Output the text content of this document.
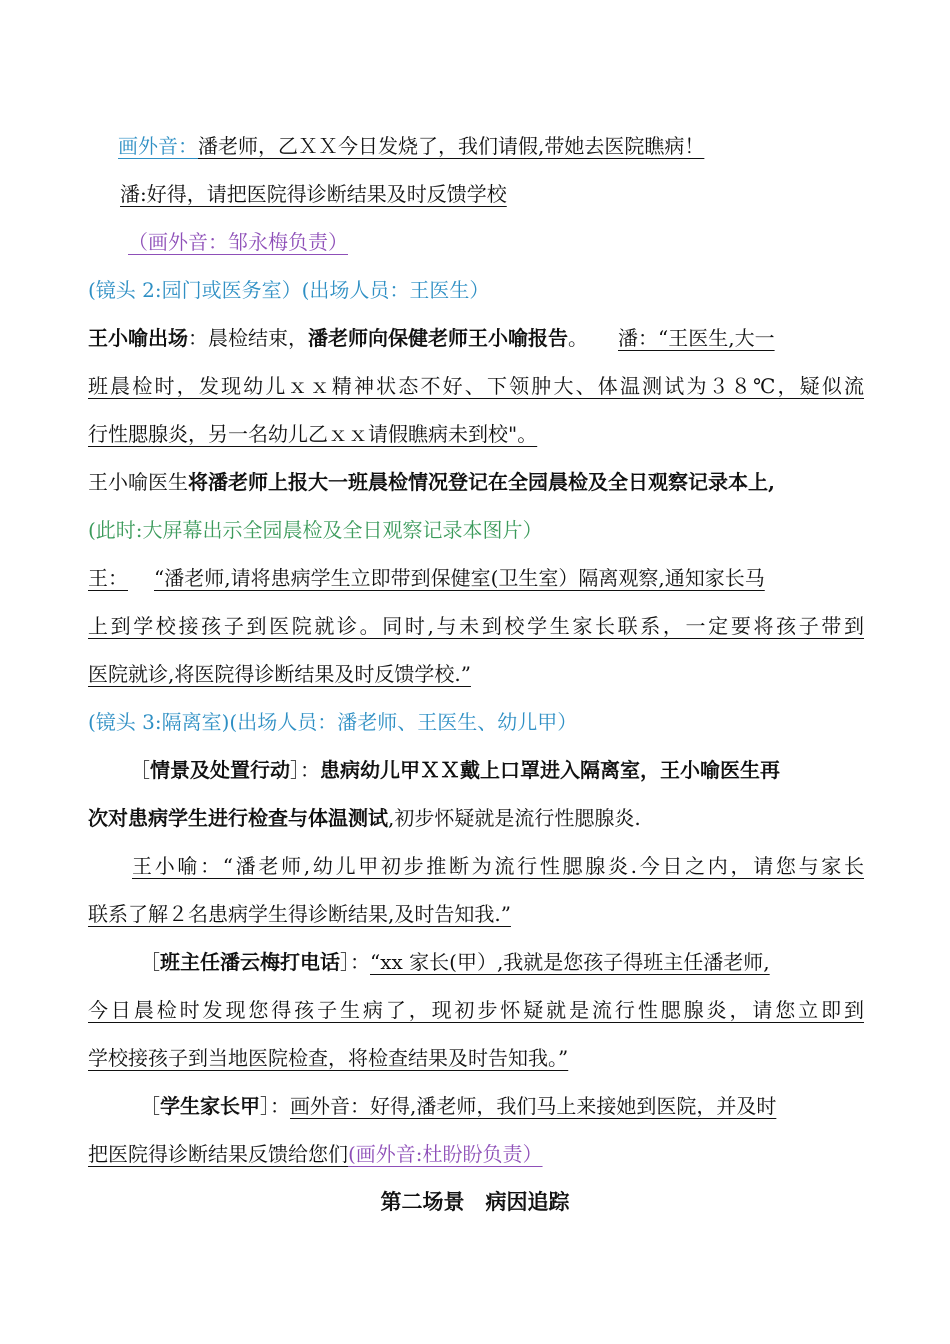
画外音：潘老师，乙ＸＸ今日发烧了，我们请假,带她去医院瞧病！
潘:好得，请把医院得诊断结果及时反馈学校
（画外音：邹永梅负责）
(镜头 2:园门或医务室）(出场人员：王医生）
王小喻出场：晨检结束，潘老师向保健老师王小喻报告。 潘：“王医生,大一
班晨检时，发现幼儿ｘｘ精神状态不好、下领肿大、体温测试为３８℃，疑似流
行性腮腺炎，另一名幼儿乙ｘｘ请假瞧病未到校"。
王小喻医生将潘老师上报大一班晨检情况登记在全园晨检及全日观察记录本上,
(此时:大屏幕出示全园晨检及全日观察记录本图片）
王： “潘老师,请将患病学生立即带到保健室(卫生室）隔离观察,通知家长马
上到学校接孩子到医院就诊。同时,与未到校学生家长联系，一定要将孩子带到
医院就诊,将医院得诊断结果及时反馈学校.”
(镜头 3:隔离室)(出场人员：潘老师、王医生、幼儿甲）
［情景及处置行动］：患病幼儿甲ＸＸ戴上口罩进入隔离室，王小喻医生再
次对患病学生进行检查与体温测试,初步怀疑就是流行性腮腺炎.
王小喻：“潘老师,幼儿甲初步推断为流行性腮腺炎.今日之内，请您与家长
联系了解２名患病学生得诊断结果,及时告知我.”
［班主任潘云梅打电话］：“xx 家长(甲）,我就是您孩子得班主任潘老师,
今日晨检时发现您得孩子生病了，现初步怀疑就是流行性腮腺炎，请您立即到
学校接孩子到当地医院检查，将检查结果及时告知我。”
［学生家长甲］：画外音：好得,潘老师，我们马上来接她到医院，并及时
把医院得诊断结果反馈给您们(画外音:杜盼盼负责）
第二场景　病因追踪
